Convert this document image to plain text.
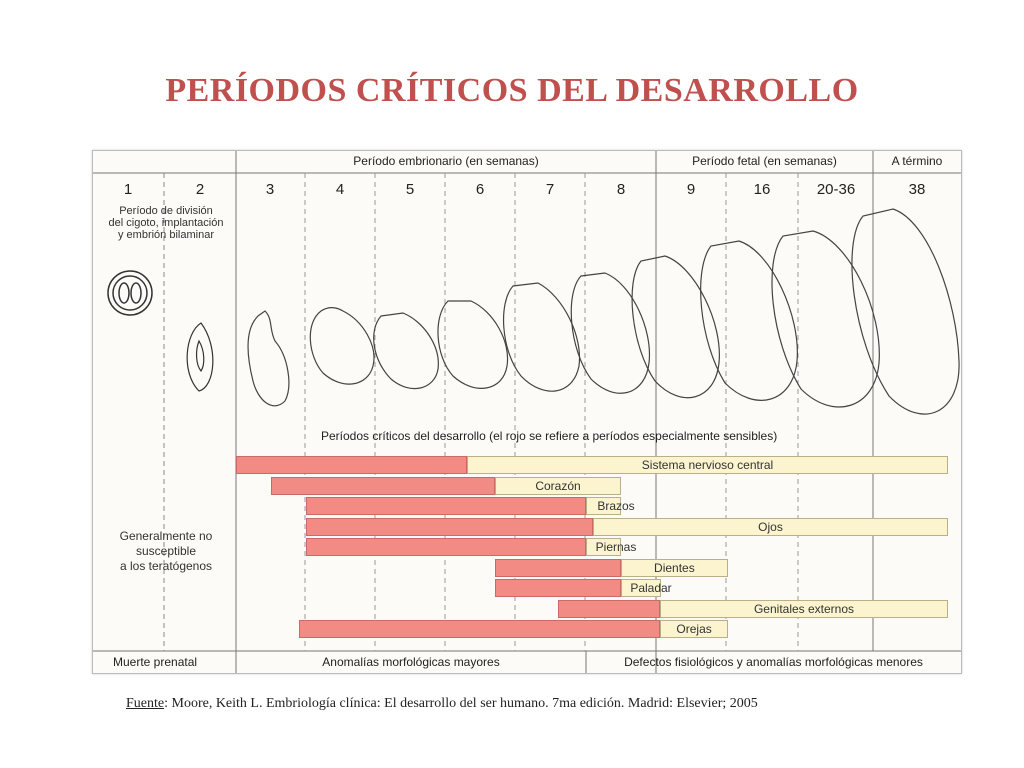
PERÍODOS CRÍTICOS DEL DESARROLLO
Período embrionario (en semanas)	Período fetal (en semanas)	A término
1	2	3	4	5	6	7	8	9	16	20-36	38
Período de división
del cigoto, implantación
y embrión bilaminar
Períodos críticos del desarrollo (el rojo se refiere a períodos especialmente sensibles)
Generalmente no
susceptible
a los teratógenos
Sistema nervioso central
Corazón
Brazos
Ojos
Piernas
Dientes
Paladar
Genitales externos
Orejas
Muerte prenatal	Anomalías morfológicas mayores	Defectos fisiológicos y anomalías morfológicas menores
Fuente: Moore, Keith L. Embriología clínica: El desarrollo del ser humano. 7ma edición. Madrid: Elsevier; 2005
